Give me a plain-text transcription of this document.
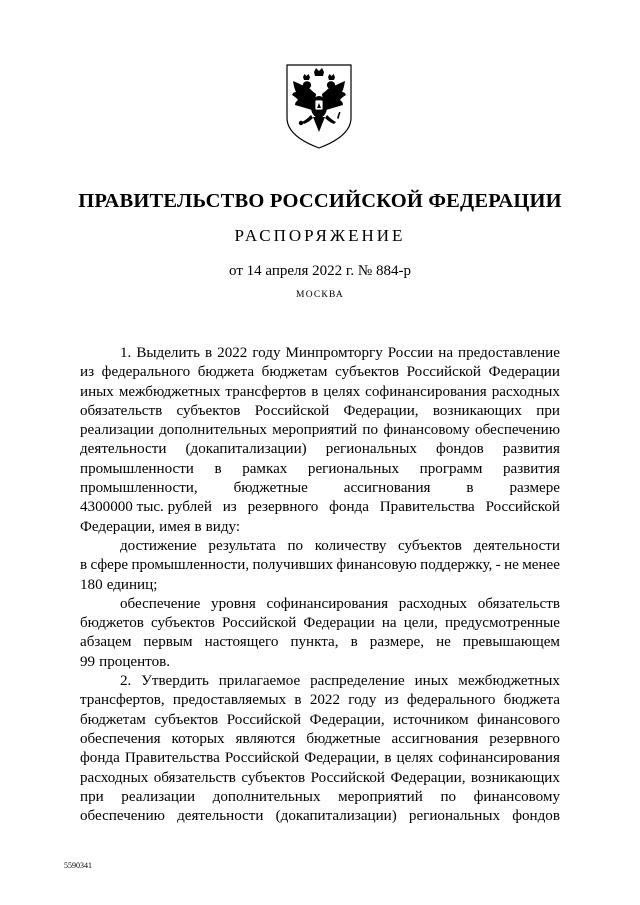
ПРАВИТЕЛЬСТВО РОССИЙСКОЙ ФЕДЕРАЦИИ
РАСПОРЯЖЕНИЕ
от 14 апреля 2022 г. № 884-р
МОСКВА
1. Выделить в 2022 году Минпромторгу России на предоставление
из федерального бюджета бюджетам субъектов Российской Федерации
иных межбюджетных трансфертов в целях софинансирования расходных
обязательств субъектов Российской Федерации, возникающих при
реализации дополнительных мероприятий по финансовому обеспечению
деятельности (докапитализации) региональных фондов развития
промышленности в рамках региональных программ развития
промышленности, бюджетные ассигнования в размере
4300000 тыс. рублей из резервного фонда Правительства Российской
Федерации, имея в виду:
достижение результата по количеству субъектов деятельности
в сфере промышленности, получивших финансовую поддержку, - не менее
180 единиц;
обеспечение уровня софинансирования расходных обязательств
бюджетов субъектов Российской Федерации на цели, предусмотренные
абзацем первым настоящего пункта, в размере, не превышающем
99 процентов.
2. Утвердить прилагаемое распределение иных межбюджетных
трансфертов, предоставляемых в 2022 году из федерального бюджета
бюджетам субъектов Российской Федерации, источником финансового
обеспечения которых являются бюджетные ассигнования резервного
фонда Правительства Российской Федерации, в целях софинансирования
расходных обязательств субъектов Российской Федерации, возникающих
при реализации дополнительных мероприятий по финансовому
обеспечению деятельности (докапитализации) региональных фондов
5590341
